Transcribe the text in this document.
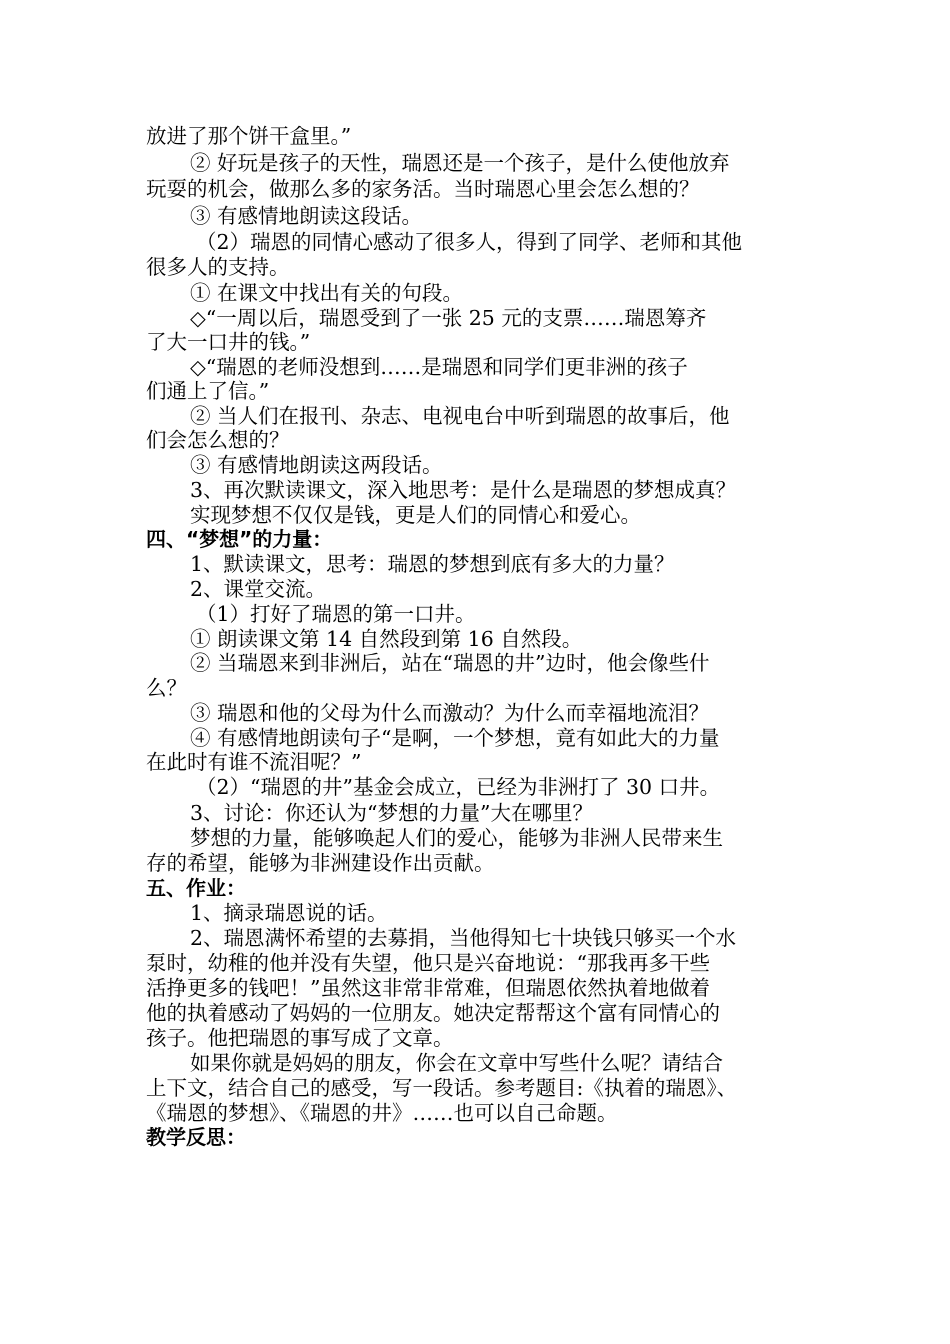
放进了那个饼干盒里。”
② 好玩是孩子的天性，瑞恩还是一个孩子，是什么使他放弃
玩耍的机会，做那么多的家务活。当时瑞恩心里会怎么想的？
③ 有感情地朗读这段话。
（2）瑞恩的同情心感动了很多人，得到了同学、老师和其他
很多人的支持。
① 在课文中找出有关的句段。
◇“一周以后，瑞恩受到了一张 25 元的支票……瑞恩筹齐
了大一口井的钱。”
◇“瑞恩的老师没想到……是瑞恩和同学们更非洲的孩子
们通上了信。”
② 当人们在报刊、杂志、电视电台中听到瑞恩的故事后，他
们会怎么想的？
③ 有感情地朗读这两段话。
3、再次默读课文，深入地思考：是什么是瑞恩的梦想成真？
实现梦想不仅仅是钱，更是人们的同情心和爱心。
四、“梦想”的力量：
1、默读课文，思考：瑞恩的梦想到底有多大的力量？
2、课堂交流。
（1）打好了瑞恩的第一口井。
① 朗读课文第 14 自然段到第 16 自然段。
② 当瑞恩来到非洲后，站在“瑞恩的井”边时，他会像些什
么？
③ 瑞恩和他的父母为什么而激动？为什么而幸福地流泪？
④ 有感情地朗读句子“是啊，一个梦想，竟有如此大的力量
在此时有谁不流泪呢？”
（2）“瑞恩的井”基金会成立，已经为非洲打了 30 口井。
3、讨论：你还认为“梦想的力量”大在哪里？
梦想的力量，能够唤起人们的爱心，能够为非洲人民带来生
存的希望，能够为非洲建设作出贡献。
五、作业：
1、摘录瑞恩说的话。
2、瑞恩满怀希望的去募捐，当他得知七十块钱只够买一个水
泵时，幼稚的他并没有失望，他只是兴奋地说：“那我再多干些
活挣更多的钱吧！”虽然这非常非常难，但瑞恩依然执着地做着
他的执着感动了妈妈的一位朋友。她决定帮帮这个富有同情心的
孩子。他把瑞恩的事写成了文章。
如果你就是妈妈的朋友，你会在文章中写些什么呢？请结合
上下文，结合自己的感受，写一段话。参考题目:《执着的瑞恩》、
《瑞恩的梦想》、《瑞恩的井》……也可以自己命题。
教学反思：
